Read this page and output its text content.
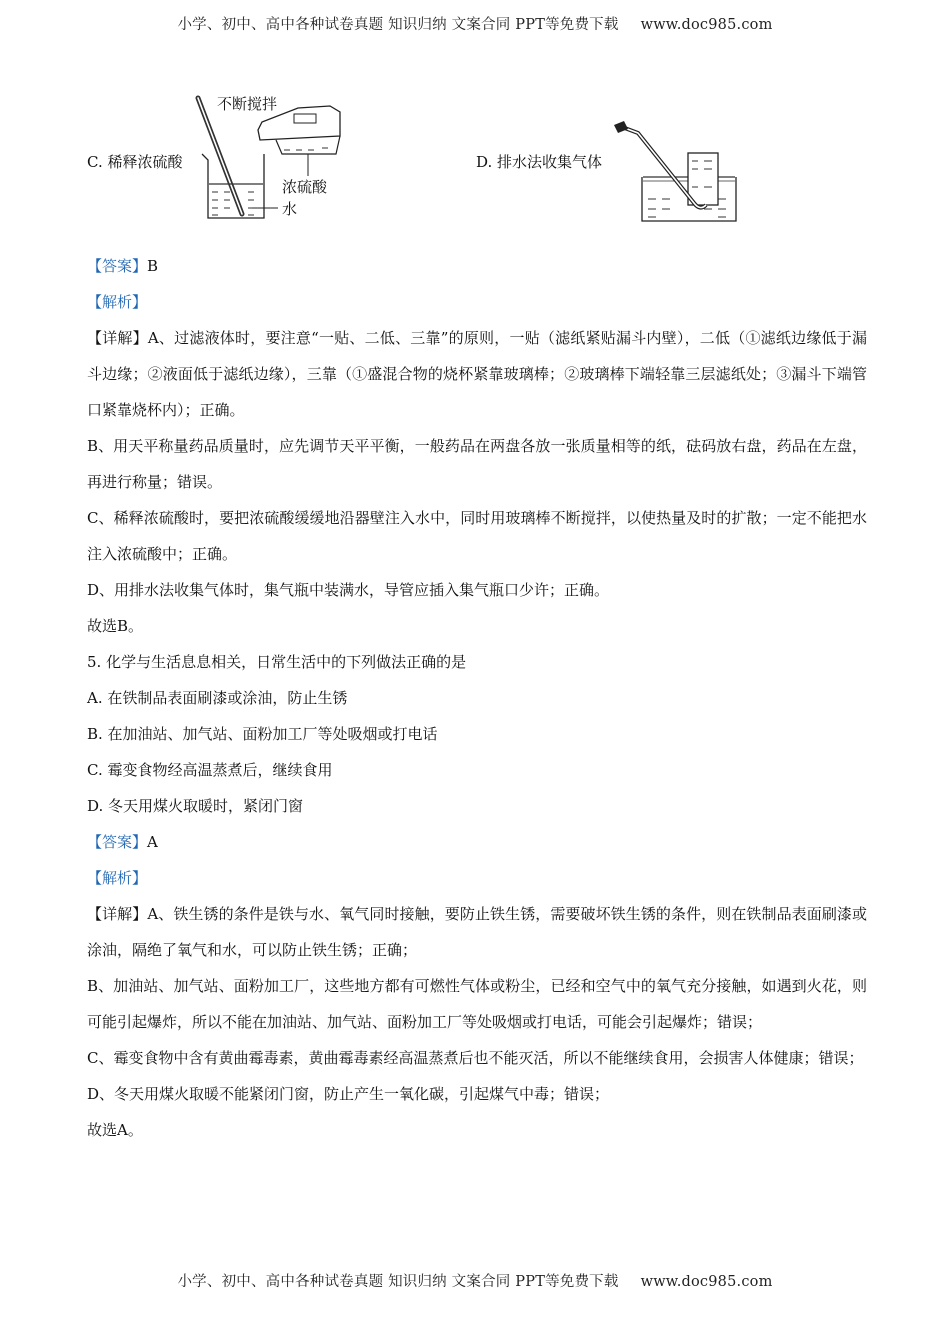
小学、初中、高中各种试卷真题 知识归纳 文案合同 PPT等免费下载 www.doc985.com
C. 稀释浓硫酸
不断搅拌
浓硫酸
水
D. 排水法收集气体
【答案】B
【解析】
【详解】A、过滤液体时，要注意“一贴、二低、三靠”的原则，一贴（滤纸紧贴漏斗内壁），二低（①滤纸边缘低于漏斗边缘；②液面低于滤纸边缘），三靠（①盛混合物的烧杯紧靠玻璃棒；②玻璃棒下端轻靠三层滤纸处；③漏斗下端管口紧靠烧杯内）；正确。
B、用天平称量药品质量时，应先调节天平平衡，一般药品在两盘各放一张质量相等的纸，砝码放右盘，药品在左盘，再进行称量；错误。
C、稀释浓硫酸时，要把浓硫酸缓缓地沿器壁注入水中，同时用玻璃棒不断搅拌，以使热量及时的扩散；一定不能把水注入浓硫酸中；正确。
D、用排水法收集气体时，集气瓶中装满水，导管应插入集气瓶口少许；正确。
故选B。
5. 化学与生活息息相关，日常生活中的下列做法正确的是
A. 在铁制品表面刷漆或涂油，防止生锈
B. 在加油站、加气站、面粉加工厂等处吸烟或打电话
C. 霉变食物经高温蒸煮后，继续食用
D. 冬天用煤火取暖时，紧闭门窗
【答案】A
【解析】
【详解】A、铁生锈的条件是铁与水、氧气同时接触，要防止铁生锈，需要破坏铁生锈的条件，则在铁制品表面刷漆或涂油，隔绝了氧气和水，可以防止铁生锈；正确；
B、加油站、加气站、面粉加工厂，这些地方都有可燃性气体或粉尘，已经和空气中的氧气充分接触，如遇到火花，则可能引起爆炸，所以不能在加油站、加气站、面粉加工厂等处吸烟或打电话，可能会引起爆炸；错误；
C、霉变食物中含有黄曲霉毒素，黄曲霉毒素经高温蒸煮后也不能灭活，所以不能继续食用，会损害人体健康；错误；
D、冬天用煤火取暖不能紧闭门窗，防止产生一氧化碳，引起煤气中毒；错误；
故选A。
小学、初中、高中各种试卷真题 知识归纳 文案合同 PPT等免费下载 www.doc985.com
